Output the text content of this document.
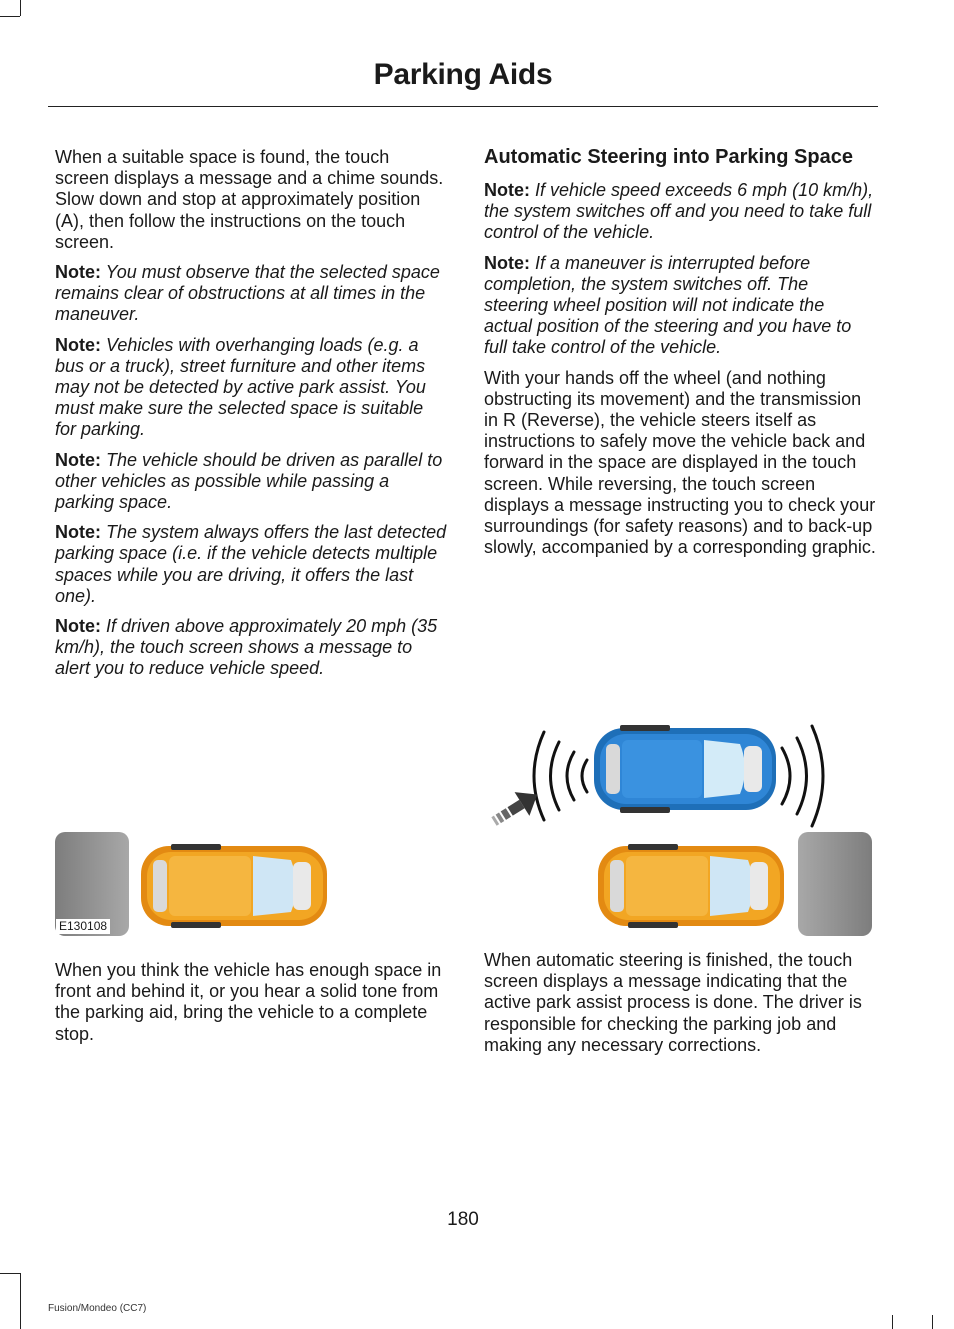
Parking Aids

When a suitable space is found, the touch screen displays a message and a chime sounds. Slow down and stop at approximately position (A), then follow the instructions on the touch screen.

Note: You must observe that the selected space remains clear of obstructions at all times in the maneuver.

Note: Vehicles with overhanging loads (e.g. a bus or a truck), street furniture and other items may not be detected by active park assist. You must make sure the selected space is suitable for parking.

Note: The vehicle should be driven as parallel to other vehicles as possible while passing a parking space.

Note: The system always offers the last detected parking space (i.e. if the vehicle detects multiple spaces while you are driving, it offers the last one).

Note: If driven above approximately 20 mph (35 km/h), the touch screen shows a message to alert you to reduce vehicle speed.

E130108

When you think the vehicle has enough space in front and behind it, or you hear a solid tone from the parking aid, bring the vehicle to a complete stop.

Automatic Steering into Parking Space

Note: If vehicle speed exceeds 6 mph (10 km/h), the system switches off and you need to take full control of the vehicle.

Note: If a maneuver is interrupted before completion, the system switches off. The steering wheel position will not indicate the actual position of the steering and you have to full take control of the vehicle.

With your hands off the wheel (and nothing obstructing its movement) and the transmission in R (Reverse), the vehicle steers itself as instructions to safely move the vehicle back and forward in the space are displayed in the touch screen. While reversing, the touch screen displays a message instructing you to check your surroundings (for safety reasons) and to back-up slowly, accompanied by a corresponding graphic.

When automatic steering is finished, the touch screen displays a message indicating that the active park assist process is done. The driver is responsible for checking the parking job and making any necessary corrections.

180
Fusion/Mondeo (CC7)
